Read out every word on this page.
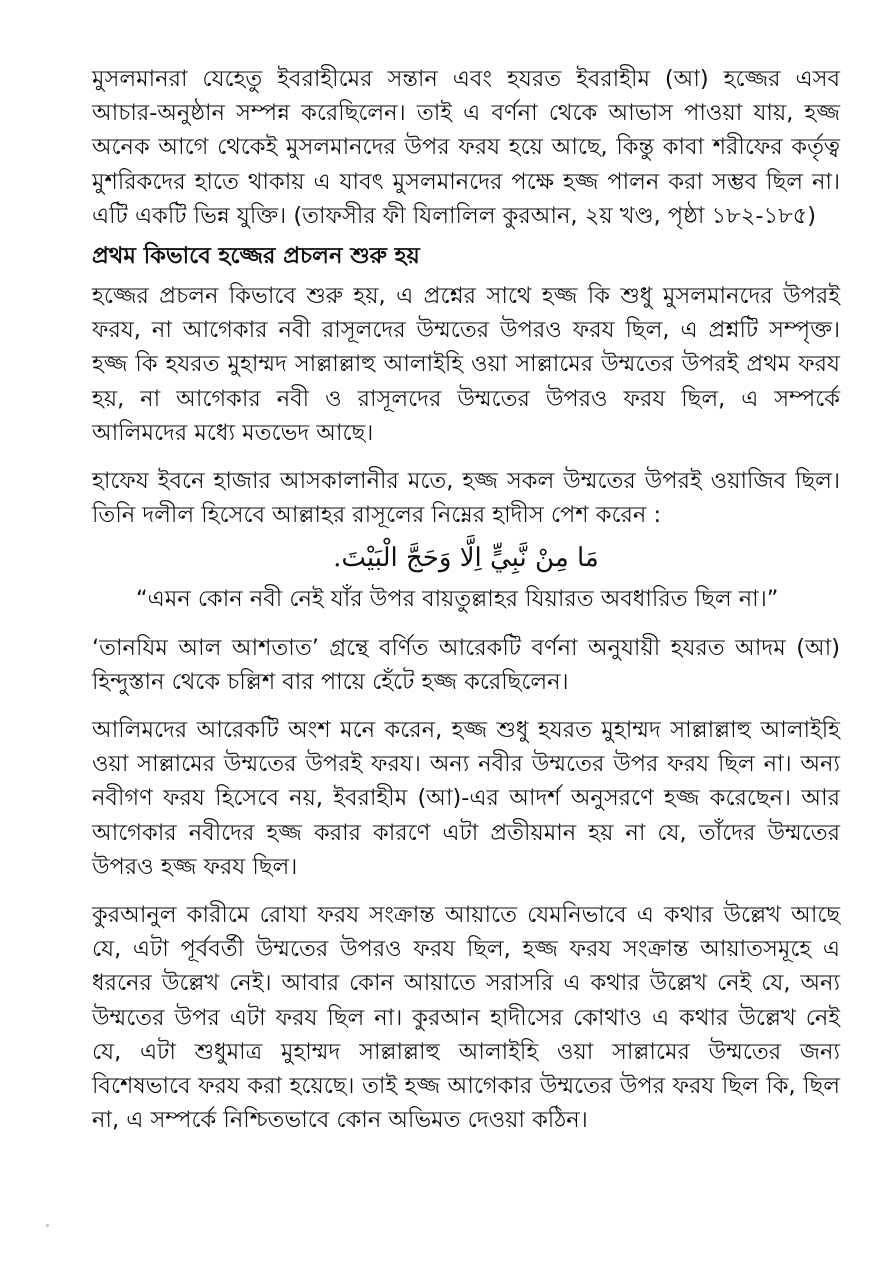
মুসলমানরা যেহেতু ইবরাহীমের সন্তান এবং হযরত ইবরাহীম (আ) হজ্জের এসব আচার-অনুষ্ঠান সম্পন্ন করেছিলেন। তাই এ বর্ণনা থেকে আভাস পাওয়া যায়, হজ্জ অনেক আগে থেকেই মুসলমানদের উপর ফরয হয়ে আছে, কিন্তু কাবা শরীফের কর্তৃত্ব মুশরিকদের হাতে থাকায় এ যাবৎ মুসলমানদের পক্ষে হজ্জ পালন করা সম্ভব ছিল না। এটি একটি ভিন্ন যুক্তি। (তাফসীর ফী যিলালিল কুরআন, ২য় খণ্ড, পৃষ্ঠা ১৮২-১৮৫)

প্রথম কিভাবে হজ্জের প্রচলন শুরু হয়

হজ্জের প্রচলন কিভাবে শুরু হয়, এ প্রশ্নের সাথে হজ্জ কি শুধু মুসলমানদের উপরই ফরয, না আগেকার নবী রাসূলদের উম্মতের উপরও ফরয ছিল, এ প্রশ্নটি সম্পৃক্ত। হজ্জ কি হযরত মুহাম্মদ সাল্লাল্লাহু আলাইহি ওয়া সাল্লামের উম্মতের উপরই প্রথম ফরয হয়, না আগেকার নবী ও রাসূলদের উম্মতের উপরও ফরয ছিল, এ সম্পর্কে আলিমদের মধ্যে মতভেদ আছে।

হাফেয ইবনে হাজার আসকালানীর মতে, হজ্জ সকল উম্মতের উপরই ওয়াজিব ছিল। তিনি দলীল হিসেবে আল্লাহর রাসূলের নিম্নের হাদীস পেশ করেন :

مَا مِنْ نَّبِيٍّ اِلَّا وَحَجَّ الْبَيْتَ.

“এমন কোন নবী নেই যাঁর উপর বায়তুল্লাহর যিয়ারত অবধারিত ছিল না।”

‘তানযিম আল আশতাত’ গ্রন্থে বর্ণিত আরেকটি বর্ণনা অনুযায়ী হযরত আদম (আ) হিন্দুস্তান থেকে চল্লিশ বার পায়ে হেঁটে হজ্জ করেছিলেন।

আলিমদের আরেকটি অংশ মনে করেন, হজ্জ শুধু হযরত মুহাম্মদ সাল্লাল্লাহু আলাইহি ওয়া সাল্লামের উম্মতের উপরই ফরয। অন্য নবীর উম্মতের উপর ফরয ছিল না। অন্য নবীগণ ফরয হিসেবে নয়, ইবরাহীম (আ)-এর আদর্শ অনুসরণে হজ্জ করেছেন। আর আগেকার নবীদের হজ্জ করার কারণে এটা প্রতীয়মান হয় না যে, তাঁদের উম্মতের উপরও হজ্জ ফরয ছিল।

কুরআনুল কারীমে রোযা ফরয সংক্রান্ত আয়াতে যেমনিভাবে এ কথার উল্লেখ আছে যে, এটা পূর্ববর্তী উম্মতের উপরও ফরয ছিল, হজ্জ ফরয সংক্রান্ত আয়াতসমূহে এ ধরনের উল্লেখ নেই। আবার কোন আয়াতে সরাসরি এ কথার উল্লেখ নেই যে, অন্য উম্মতের উপর এটা ফরয ছিল না। কুরআন হাদীসের কোথাও এ কথার উল্লেখ নেই যে, এটা শুধুমাত্র মুহাম্মদ সাল্লাল্লাহু আলাইহি ওয়া সাল্লামের উম্মতের জন্য বিশেষভাবে ফরয করা হয়েছে। তাই হজ্জ আগেকার উম্মতের উপর ফরয ছিল কি, ছিল না, এ সম্পর্কে নিশ্চিতভাবে কোন অভিমত দেওয়া কঠিন।
